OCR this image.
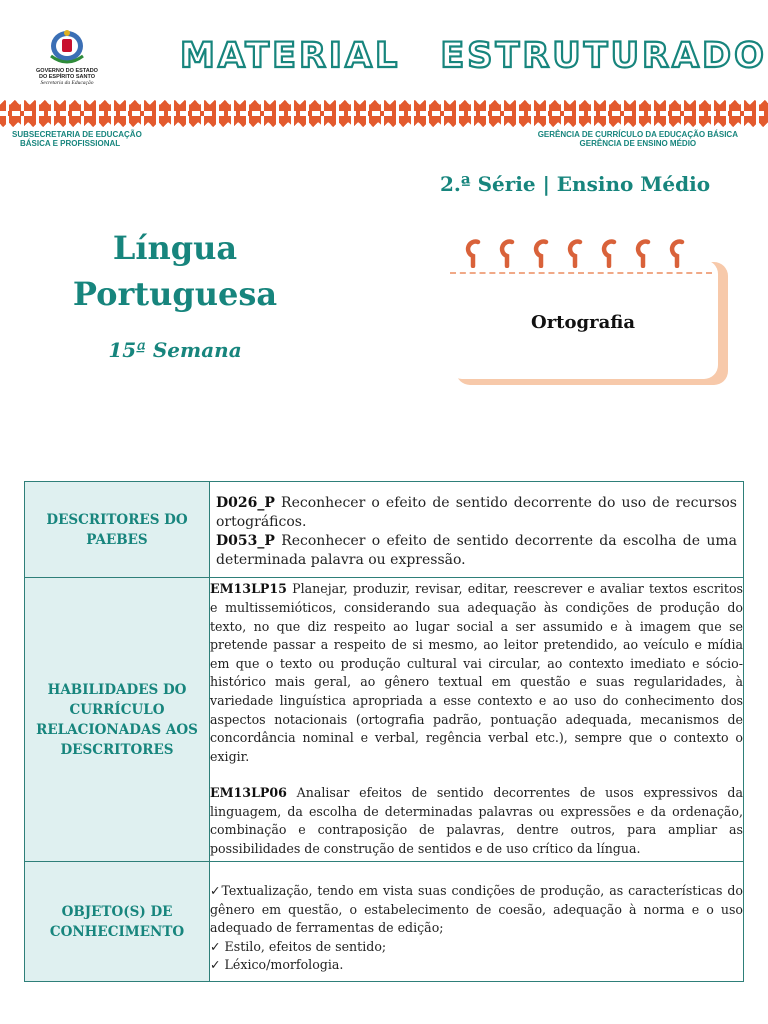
GOVERNO DO ESTADO DO ESPÍRITO SANTO
Secretaria da Educação
MATERIAL ESTRUTURADO
SUBSECRETARIA DE EDUCAÇÃO
BÁSICA E PROFISSIONAL
GERÊNCIA DE CURRÍCULO DA EDUCAÇÃO BÁSICA
GERÊNCIA DE ENSINO MÉDIO
2.ª Série | Ensino Médio
Língua
Portuguesa
15ª Semana
Ortografia
DESCRITORES DO PAEBES	D026_P Reconhecer o efeito de sentido decorrente do uso de recursos ortográficos.
D053_P Reconhecer o efeito de sentido decorrente da escolha de uma determinada palavra ou expressão.

HABILIDADES DO CURRÍCULO RELACIONADAS AOS DESCRITORES	EM13LP15 Planejar, produzir, revisar, editar, reescrever e avaliar textos escritos e multissemióticos, considerando sua adequação às condições de produção do texto, no que diz respeito ao lugar social a ser assumido e à imagem que se pretende passar a respeito de si mesmo, ao leitor pretendido, ao veículo e mídia em que o texto ou produção cultural vai circular, ao contexto imediato e sócio-histórico mais geral, ao gênero textual em questão e suas regularidades, à variedade linguística apropriada a esse contexto e ao uso do conhecimento dos aspectos notacionais (ortografia padrão, pontuação adequada, mecanismos de concordância nominal e verbal, regência verbal etc.), sempre que o contexto o exigir.
EM13LP06 Analisar efeitos de sentido decorrentes de usos expressivos da linguagem, da escolha de determinadas palavras ou expressões e da ordenação, combinação e contraposição de palavras, dentre outros, para ampliar as possibilidades de construção de sentidos e de uso crítico da língua.

OBJETO(S) DE CONHECIMENTO	✓Textualização, tendo em vista suas condições de produção, as características do gênero em questão, o estabelecimento de coesão, adequação à norma e o uso adequado de ferramentas de edição;
✓ Estilo, efeitos de sentido;
✓ Léxico/morfologia.
